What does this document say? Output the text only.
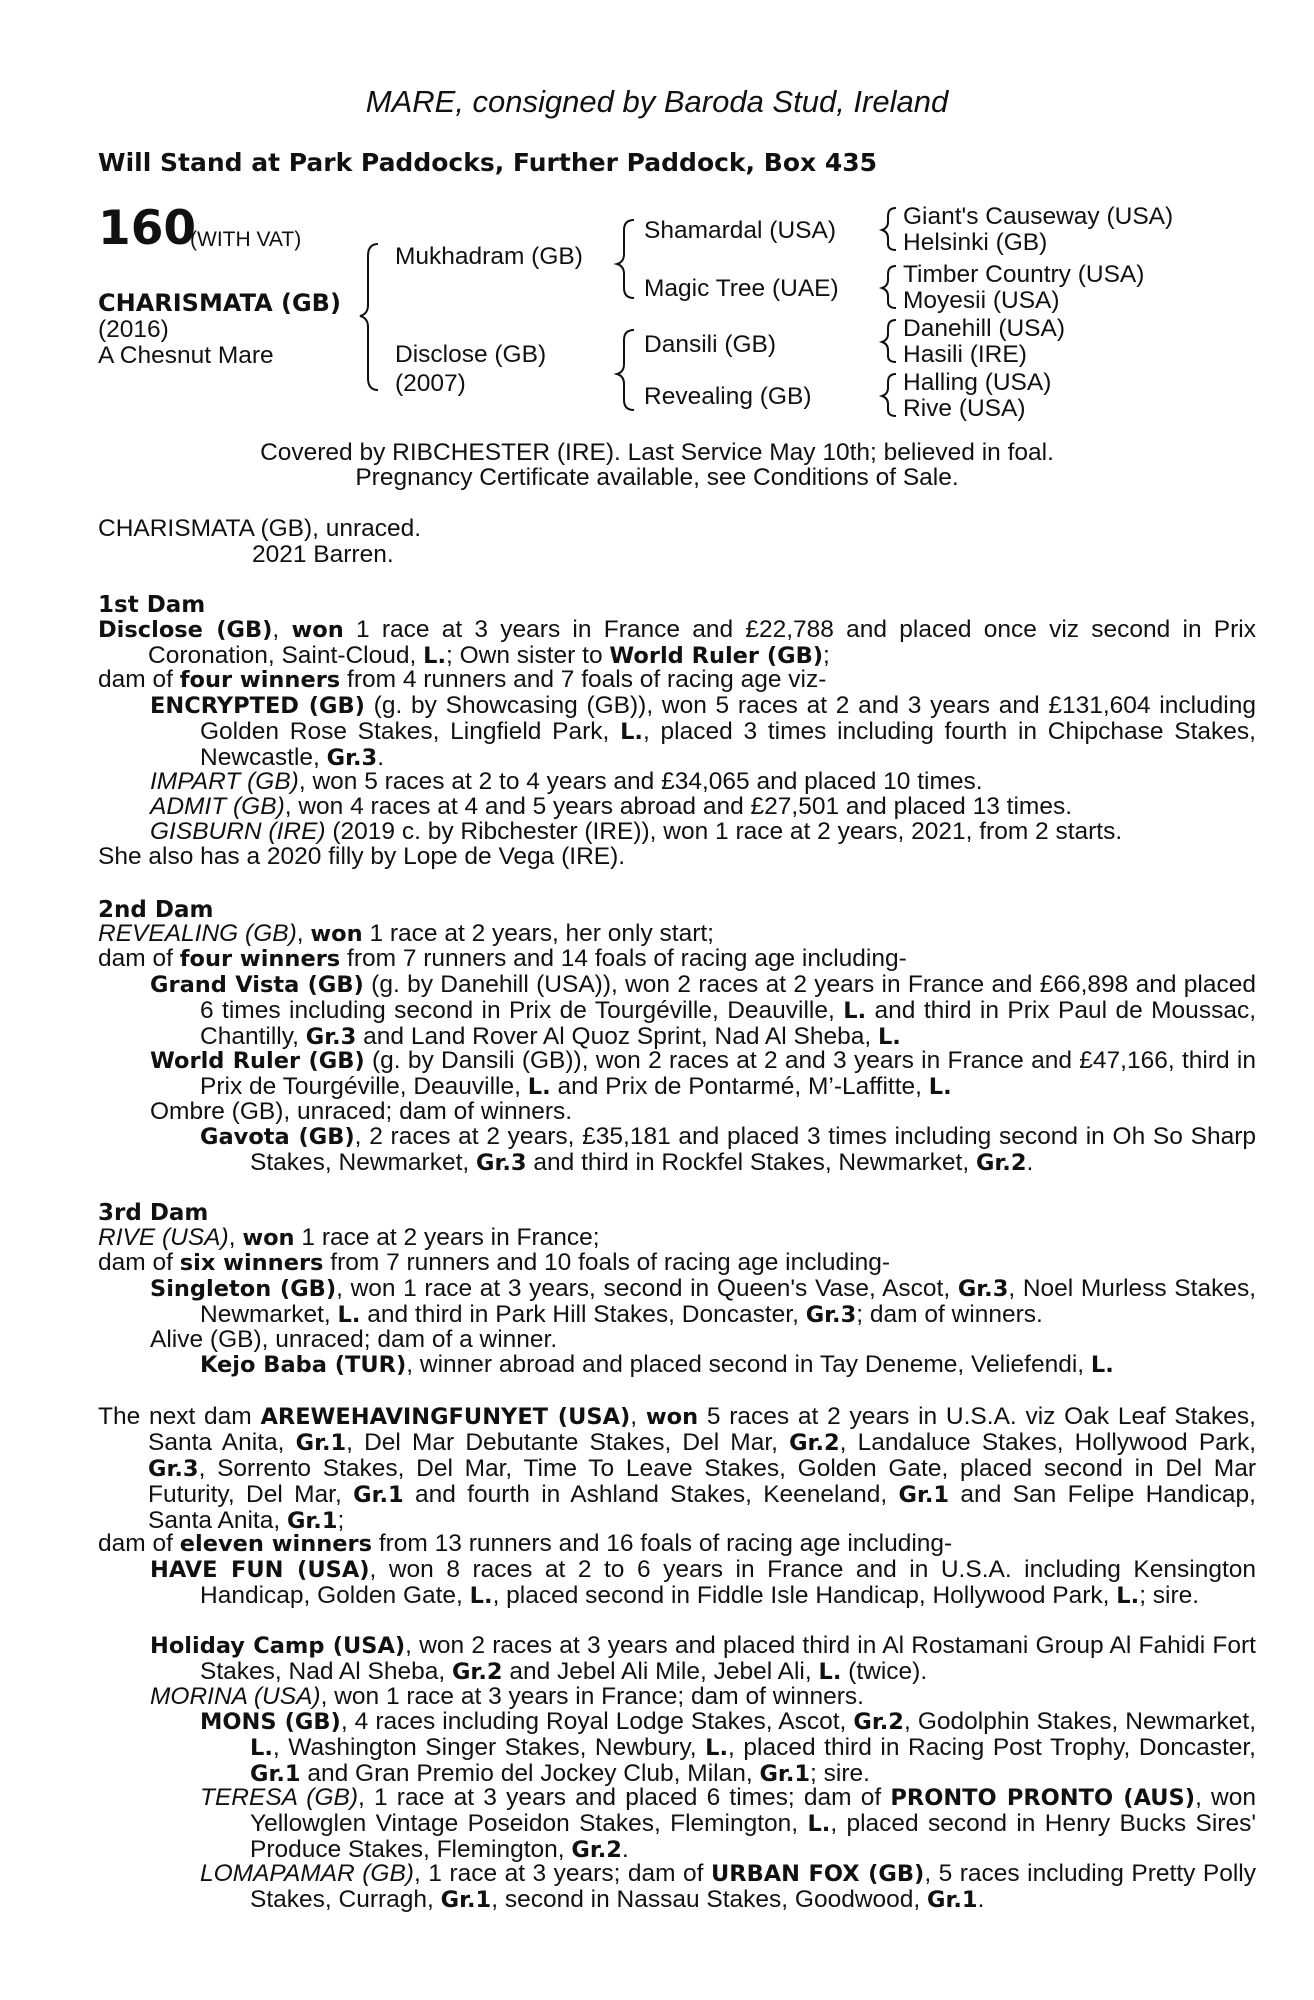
MARE, consigned by Baroda Stud, Ireland
Will Stand at Park Paddocks, Further Paddock, Box 435
160
(WITH VAT)
CHARISMATA (GB)
(2016)
A Chesnut Mare
Mukhadram (GB)
Disclose (GB)
(2007)
Shamardal (USA)
Magic Tree (UAE)
Dansili (GB)
Revealing (GB)
Giant's Causeway (USA)
Helsinki (GB)
Timber Country (USA)
Moyesii (USA)
Danehill (USA)
Hasili (IRE)
Halling (USA)
Rive (USA)
Covered by RIBCHESTER (IRE). Last Service May 10th; believed in foal.
Pregnancy Certificate available, see Conditions of Sale.
CHARISMATA (GB), unraced.
2021 Barren.
1st Dam
Disclose (GB), won 1 race at 3 years in France and £22,788 and placed once viz second in Prix Coronation, Saint-Cloud, L.; Own sister to World Ruler (GB);
dam of four winners from 4 runners and 7 foals of racing age viz-
ENCRYPTED (GB) (g. by Showcasing (GB)), won 5 races at 2 and 3 years and £131,604 including Golden Rose Stakes, Lingfield Park, L., placed 3 times including fourth in Chipchase Stakes, Newcastle, Gr.3.
IMPART (GB), won 5 races at 2 to 4 years and £34,065 and placed 10 times.
ADMIT (GB), won 4 races at 4 and 5 years abroad and £27,501 and placed 13 times.
GISBURN (IRE) (2019 c. by Ribchester (IRE)), won 1 race at 2 years, 2021, from 2 starts.
She also has a 2020 filly by Lope de Vega (IRE).
2nd Dam
REVEALING (GB), won 1 race at 2 years, her only start;
dam of four winners from 7 runners and 14 foals of racing age including-
Grand Vista (GB) (g. by Danehill (USA)), won 2 races at 2 years in France and £66,898 and placed 6 times including second in Prix de Tourgéville, Deauville, L. and third in Prix Paul de Moussac, Chantilly, Gr.3 and Land Rover Al Quoz Sprint, Nad Al Sheba, L.
World Ruler (GB) (g. by Dansili (GB)), won 2 races at 2 and 3 years in France and £47,166, third in Prix de Tourgéville, Deauville, L. and Prix de Pontarmé, M’-Laffitte, L.
Ombre (GB), unraced; dam of winners.
Gavota (GB), 2 races at 2 years, £35,181 and placed 3 times including second in Oh So Sharp Stakes, Newmarket, Gr.3 and third in Rockfel Stakes, Newmarket, Gr.2.
3rd Dam
RIVE (USA), won 1 race at 2 years in France;
dam of six winners from 7 runners and 10 foals of racing age including-
Singleton (GB), won 1 race at 3 years, second in Queen's Vase, Ascot, Gr.3, Noel Murless Stakes, Newmarket, L. and third in Park Hill Stakes, Doncaster, Gr.3; dam of winners.
Alive (GB), unraced; dam of a winner.
Kejo Baba (TUR), winner abroad and placed second in Tay Deneme, Veliefendi, L.
The next dam AREWEHAVINGFUNYET (USA), won 5 races at 2 years in U.S.A. viz Oak Leaf Stakes, Santa Anita, Gr.1, Del Mar Debutante Stakes, Del Mar, Gr.2, Landaluce Stakes, Hollywood Park, Gr.3, Sorrento Stakes, Del Mar, Time To Leave Stakes, Golden Gate, placed second in Del Mar Futurity, Del Mar, Gr.1 and fourth in Ashland Stakes, Keeneland, Gr.1 and San Felipe Handicap, Santa Anita, Gr.1;
dam of eleven winners from 13 runners and 16 foals of racing age including-
HAVE FUN (USA), won 8 races at 2 to 6 years in France and in U.S.A. including Kensington Handicap, Golden Gate, L., placed second in Fiddle Isle Handicap, Hollywood Park, L.; sire.
Holiday Camp (USA), won 2 races at 3 years and placed third in Al Rostamani Group Al Fahidi Fort Stakes, Nad Al Sheba, Gr.2 and Jebel Ali Mile, Jebel Ali, L. (twice).
MORINA (USA), won 1 race at 3 years in France; dam of winners.
MONS (GB), 4 races including Royal Lodge Stakes, Ascot, Gr.2, Godolphin Stakes, Newmarket, L., Washington Singer Stakes, Newbury, L., placed third in Racing Post Trophy, Doncaster, Gr.1 and Gran Premio del Jockey Club, Milan, Gr.1; sire.
TERESA (GB), 1 race at 3 years and placed 6 times; dam of PRONTO PRONTO (AUS), won Yellowglen Vintage Poseidon Stakes, Flemington, L., placed second in Henry Bucks Sires' Produce Stakes, Flemington, Gr.2.
LOMAPAMAR (GB), 1 race at 3 years; dam of URBAN FOX (GB), 5 races including Pretty Polly Stakes, Curragh, Gr.1, second in Nassau Stakes, Goodwood, Gr.1.
